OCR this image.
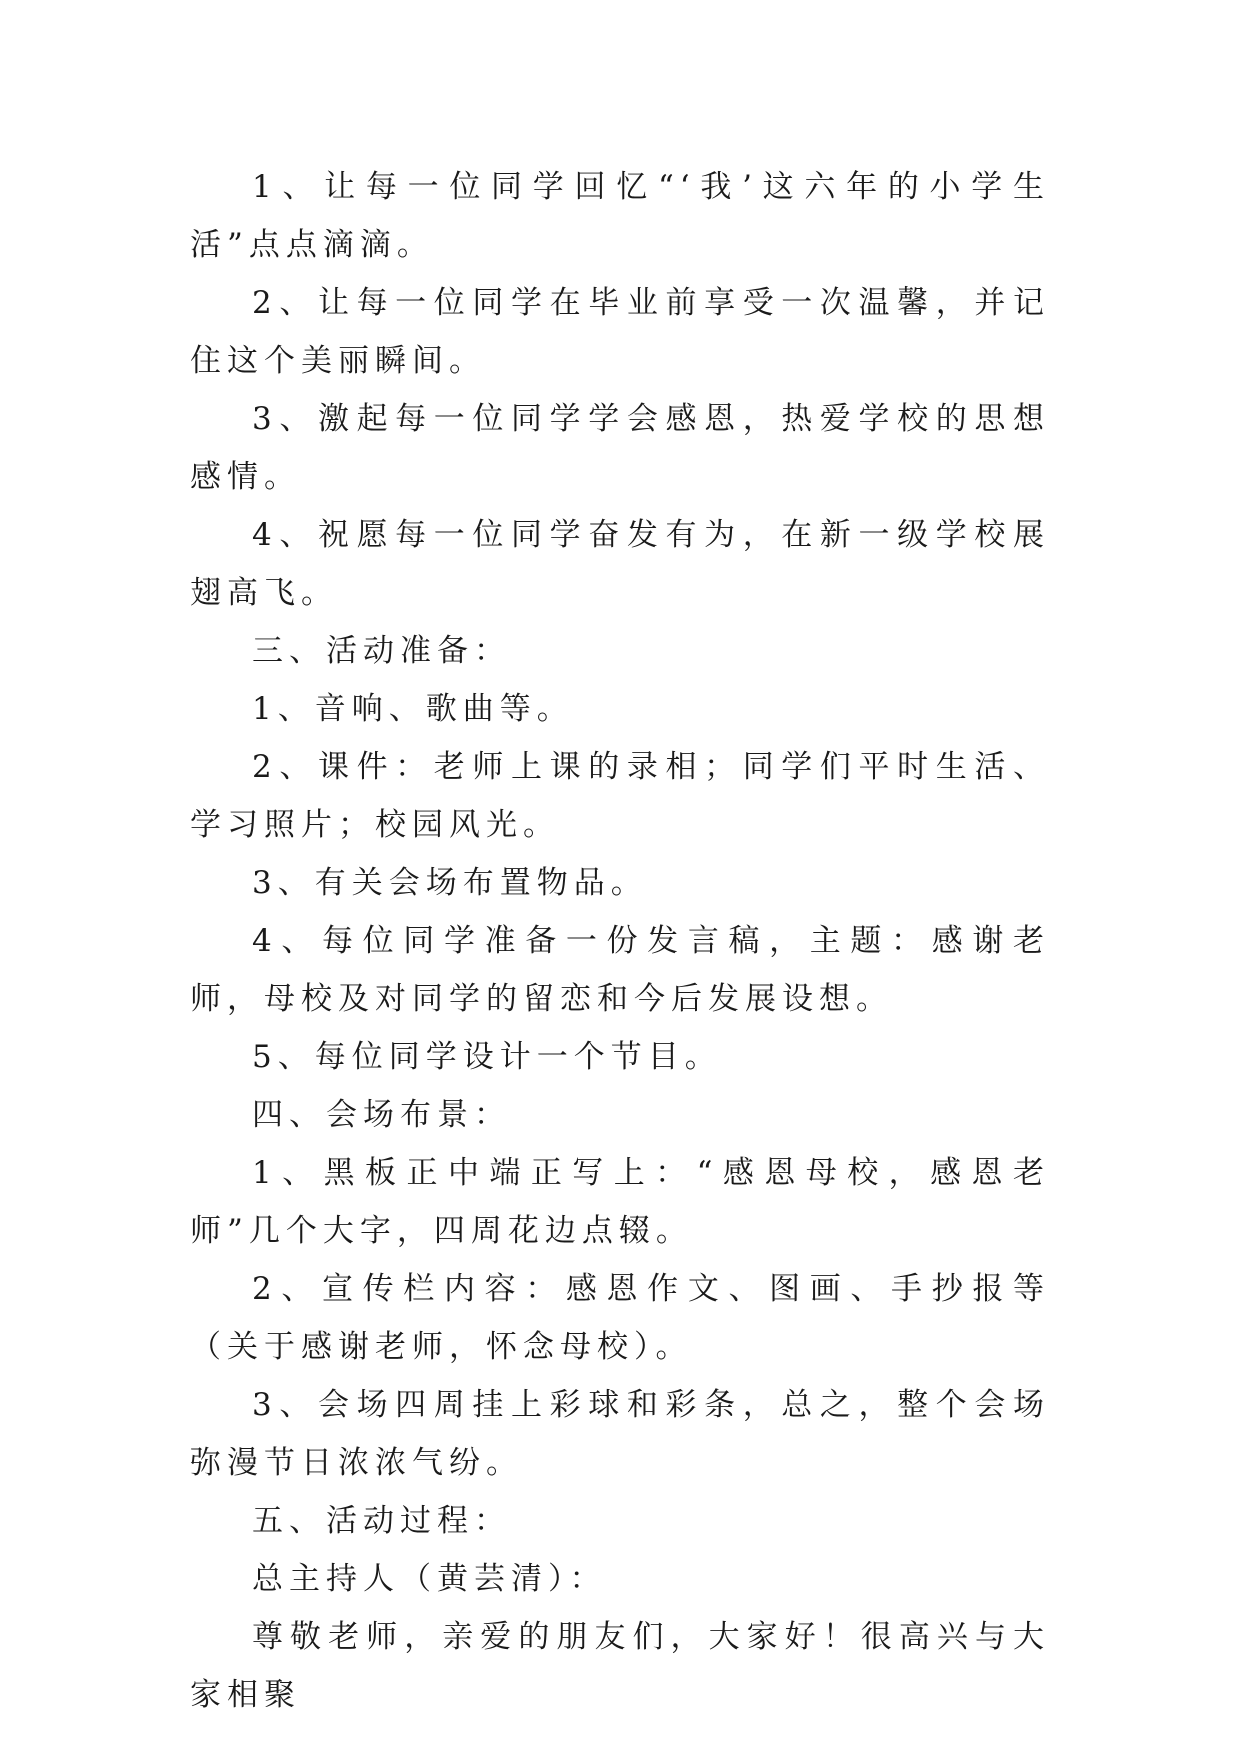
1、让每一位同学回忆“‘我’这六年的小学生活”点点滴滴。

2、让每一位同学在毕业前享受一次温馨，并记住这个美丽瞬间。

3、激起每一位同学学会感恩，热爱学校的思想感情。

4、祝愿每一位同学奋发有为，在新一级学校展翅高飞。

三、活动准备：

1、音响、歌曲等。

2、课件：老师上课的录相；同学们平时生活、学习照片；校园风光。

3、有关会场布置物品。

4、每位同学准备一份发言稿，主题：感谢老师，母校及对同学的留恋和今后发展设想。

5、每位同学设计一个节目。

四、会场布景：

1、黑板正中端正写上：“感恩母校，感恩老师”几个大字，四周花边点辍。

2、宣传栏内容：感恩作文、图画、手抄报等（关于感谢老师，怀念母校）。

3、会场四周挂上彩球和彩条，总之，整个会场弥漫节日浓浓气纷。

五、活动过程：

总主持人（黄芸清）：

尊敬老师，亲爱的朋友们，大家好！很高兴与大家相聚
